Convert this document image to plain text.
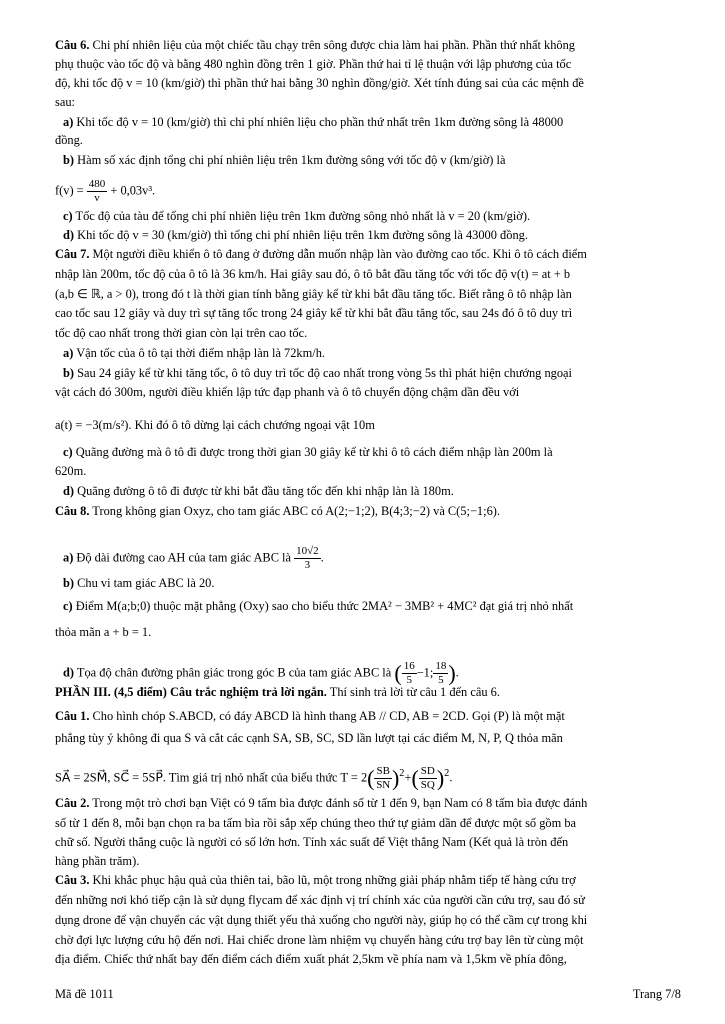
Câu 6. Chi phí nhiên liệu của một chiếc tầu chạy trên sông được chia làm hai phần. Phần thứ nhất không
phụ thuộc vào tốc độ và bằng 480 nghìn đồng trên 1 giờ. Phần thứ hai tỉ lệ thuận với lập phương của tốc
độ, khi tốc độ v = 10 (km/giờ) thì phần thứ hai bằng 30 nghìn đồng/giờ. Xét tính đúng sai của các mệnh đề
sau:
a) Khi tốc độ v = 10 (km/giờ) thì chi phí nhiên liệu cho phần thứ nhất trên 1km đường sông là 48000
đồng.
b) Hàm số xác định tổng chi phí nhiên liệu trên 1km đường sông với tốc độ v (km/giờ) là
$f(v) = \frac{480}{v} + 0,03v^3$.
c) Tốc độ của tàu để tổng chi phí nhiên liệu trên 1km đường sông nhỏ nhất là v = 20 (km/giờ).
d) Khi tốc độ v = 30 (km/giờ) thì tổng chi phí nhiên liệu trên 1km đường sông là 43000 đồng.
Câu 7. Một người điều khiển ô tô đang ở đường dẫn muốn nhập làn vào đường cao tốc. Khi ô tô cách điểm
nhập làn 200m, tốc độ của ô tô là 36 km/h. Hai giây sau đó, ô tô bắt đầu tăng tốc với tốc độ v(t) = at + b
(a,b ∈ ℝ, a > 0), trong đó t là thời gian tính bằng giây kể từ khi bắt đầu tăng tốc. Biết rằng ô tô nhập làn
cao tốc sau 12 giây và duy trì sự tăng tốc trong 24 giây kể từ khi bắt đầu tăng tốc, sau 24s đó ô tô duy trì
tốc độ cao nhất trong thời gian còn lại trên cao tốc.
a) Vận tốc của ô tô tại thời điểm nhập làn là 72km/h.
b) Sau 24 giây kể từ khi tăng tốc, ô tô duy trì tốc độ cao nhất trong vòng 5s thì phát hiện chướng ngoại
vật cách đó 300m, người điều khiển lập tức đạp phanh và ô tô chuyển động chậm dần đều với
a(t) = −3(m/s²). Khi đó ô tô dừng lại cách chướng ngoại vật 10m
c) Quãng đường mà ô tô đi được trong thời gian 30 giây kể từ khi ô tô cách điểm nhập làn 200m là
620m.
d) Quãng đường ô tô đi được từ khi bắt đầu tăng tốc đến khi nhập làn là 180m.
Câu 8. Trong không gian Oxyz, cho tam giác ABC có A(2;−1;2), B(4;3;−2) và C(5;−1;6).
a) Độ dài đường cao AH của tam giác ABC là $\frac{10√2}{3}$ .
b) Chu vi tam giác ABC là 20.
c) Điểm M(a;b;0) thuộc mặt phẳng (Oxy) sao cho biểu thức 2MA² − 3MB² + 4MC² đạt giá trị nhỏ nhất
thỏa mãn a + b = 1.
d) Tọa độ chân đường phân giác trong góc B của tam giác ABC là ( $\frac{16}{5} -1$; $\frac{18}{5}$ ).
PHẦN III. (4,5 điểm) Câu trắc nghiệm trả lời ngắn. Thí sinh trả lời từ câu 1 đến câu 6.
Câu 1. Cho hình chóp S.ABCD, có đáy ABCD là hình thang AB // CD, AB = 2CD. Gọi (P) là một mặt
phẳng tùy ý không đi qua S và cắt các cạnh SA, SB, SC, SD lần lượt tại các điểm M, N, P, Q thỏa mãn
SA⃗ = 2SM⃗, SC⃗ = 5SP⃗. Tìm giá trị nhỏ nhất của biểu thức $T = 2( \frac{SB}{SN} )^2+( \frac{SD}{SQ} )^2$.
Câu 2. Trong một trò chơi bạn Việt có 9 tấm bìa được đánh số từ 1 đến 9, bạn Nam có 8 tấm bìa được đánh
số từ 1 đến 8, mỗi bạn chọn ra ba tấm bìa rồi sắp xếp chúng theo thứ tự giảm dần để được một số gồm ba
chữ số. Người thắng cuộc là người có số lớn hơn. Tính xác suất để Việt thắng Nam (Kết quả là tròn đến
hàng phần trăm).
Câu 3. Khi khắc phục hậu quả của thiên tai, bão lũ, một trong những giải pháp nhằm tiếp tế hàng cứu trợ
đến những nơi khó tiếp cận là sử dụng flycam để xác định vị trí chính xác của người cần cứu trợ, sau đó sử
dụng drone để vận chuyển các vật dụng thiết yếu thả xuống cho người này, giúp họ có thể cầm cự trong khi
chờ đợi lực lượng cứu hộ đến nơi. Hai chiếc drone làm nhiệm vụ chuyển hàng cứu trợ bay lên từ cùng một
địa điểm. Chiếc thứ nhất bay đến điểm cách điểm xuất phát 2,5km về phía nam và 1,5km về phía đông,
Mã đề 1011	Trang 7/8
